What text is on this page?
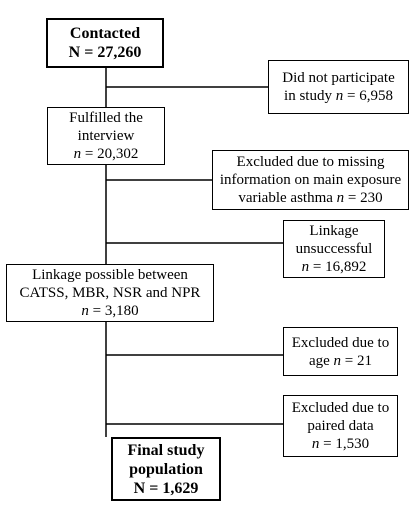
Contacted
N = 27,260
Did not participate
in study n = 6,958
Fulfilled the
interview
n = 20,302	Excluded due to missing
information on main exposure
variable asthma n = 230
Linkage
unsuccessful
n = 16,892
Linkage possible between
CATSS, MBR, NSR and NPR
n = 3,180
Excluded due to
age n = 21
Excluded due to
paired data
n = 1,530
Final study
population
N = 1,629
